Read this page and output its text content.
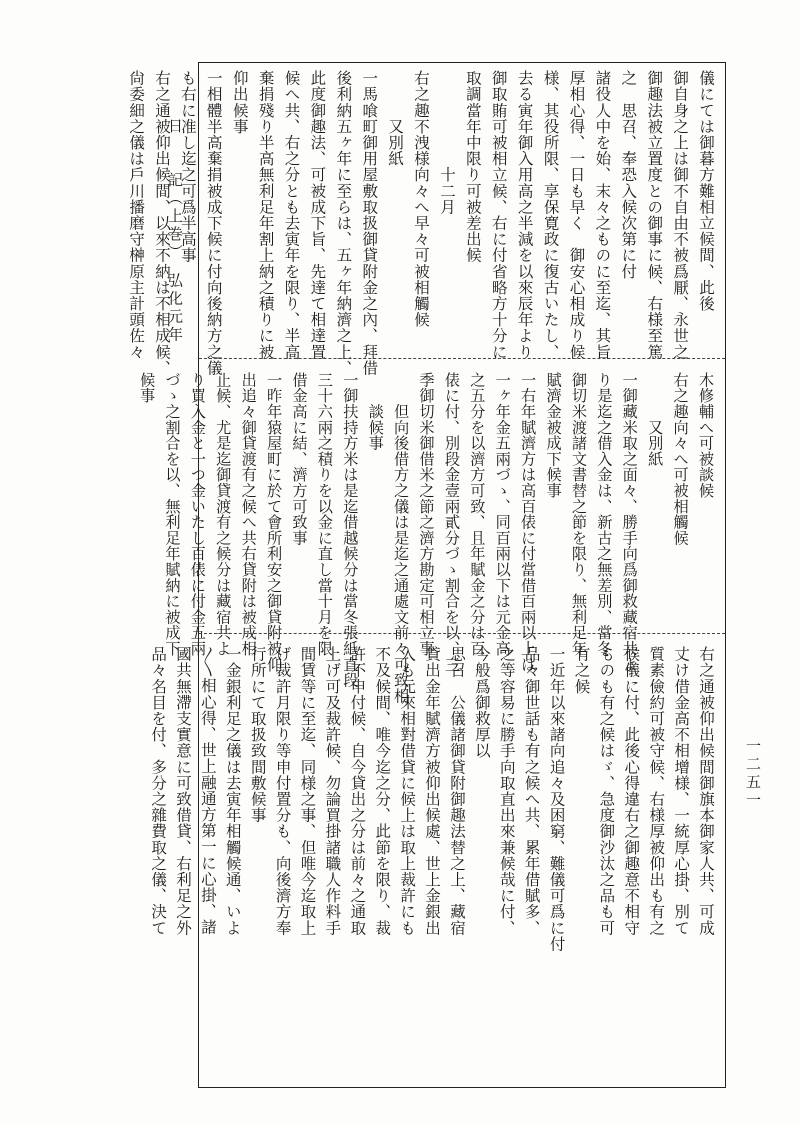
儀にては御暮方難相立候間、此後
御自身之上は御不自由不被爲厭、永世之
御趣法被立置度との御事に候、右様至篤
之　思召、奉恐入候次第に付
諸役人中を始、末々之ものに至迄、其旨
厚相心得、一日も早く　御安心相成り候
様、其役所限、享保寛政に復古いたし、
去る寅年御入用高之半減を以來辰年より
御取賄可被相立候、右に付省略方十分に
取調當年中限り可被差出候
　　　　　　十二月
右之趣不洩様向々へ早々可被相觸候
　　　又別紙
一馬喰町御用屋敷取扱御貸附金之內、拜借
後利納五ヶ年に至らは、五ヶ年納濟之上、
此度御趣法、可被成下旨、先達て相達置
候へ共、右之分とも去寅年を限り、半高
棄捐殘り半高無利足年割上納之積りに被
仰出候事
一相體半高棄捐被成下候に付向後納方之儀
も右に准し迄之可爲半高事
右之通被仰出候間、以來不納は不相成候、
尙委細之儀は戶川播磨守榊原主計頭佐々
木修輔へ可被談候
右之趣向々へ可被相觸候
　　　又別紙
一御藏米取之面々、勝手向爲御救藏宿共よ
り是迄之借入金は、新古之無差別、當冬
御切米渡諸文書替之節を限り、無利足年
賦濟金被成下候事
一右年賦濟方は高百俵に付當借百兩以上は
一ヶ年金五兩づゝ、同百兩以下は元金高
之五分を以濟方可致、且年賦金之分は百
俵に付、別段金壹兩貳分づゝ割合を以、三
季御切米御借米之節之濟方勘定可相立事
　　但向後借方之儀は是迄之通處文前々可致相
　　談候事
一御扶持方米は是迄借越候分は當冬張紙直段
三十六兩之積りを以金に直し當十月を限
借金高に結、濟方可致事
一昨年猿屋町に於て會所利安之御貸附被仰
出追々御貸渡有之候へ共右貸附は被成相
止候、尤是迄御貸渡有之候分は藏宿共よ
り買入金と一つ金いたし百俵に付金五兩
づゝ之割合を以、無利足年賦納に被成下
候事
右之通被仰出候間御旗本御家人共、可成
丈け借金高不相增様、一統厚心掛、別て
質素儉約可被守候、右様厚被仰出も有之
候儀に付、此後心得違右之御趣意不相守
ものも有之候はゞ、急度御沙汰之品も可
有之候
一近年以來諸向追々及困窮、難儀可爲に付
品々御世話も有之候へ共、累年借賦多、
之等容易に勝手向取直出來兼候哉に付、
今般爲御救厚以
思召　公儀諸御貸附御趣法替之上、藏宿
貸出金年賦濟方被仰出候處、世上金銀出
入も元來相對借貸に候上は取上裁許にも
不及候間、唯今迄之分、此節を限り、裁
許不申付候、自今貸出之分は前々之通取
上げ可及裁許候、勿論買掛諸職人作料手
間賃等に至迄、同様之事、但唯今迄取上
げ裁許月限り等申付置分も、向後濟方奉
行所にて取扱致間敷候事
一金銀利足之儀は去寅年相觸候通、いよ
〳〵相心得、世上融通方第一に心掛、諸
國共無滯支實意に可致借貸、右利足之外
品々名目を付、多分之雜費取之儀、決て
日　　記（上巻）　弘化元年
一二五一
